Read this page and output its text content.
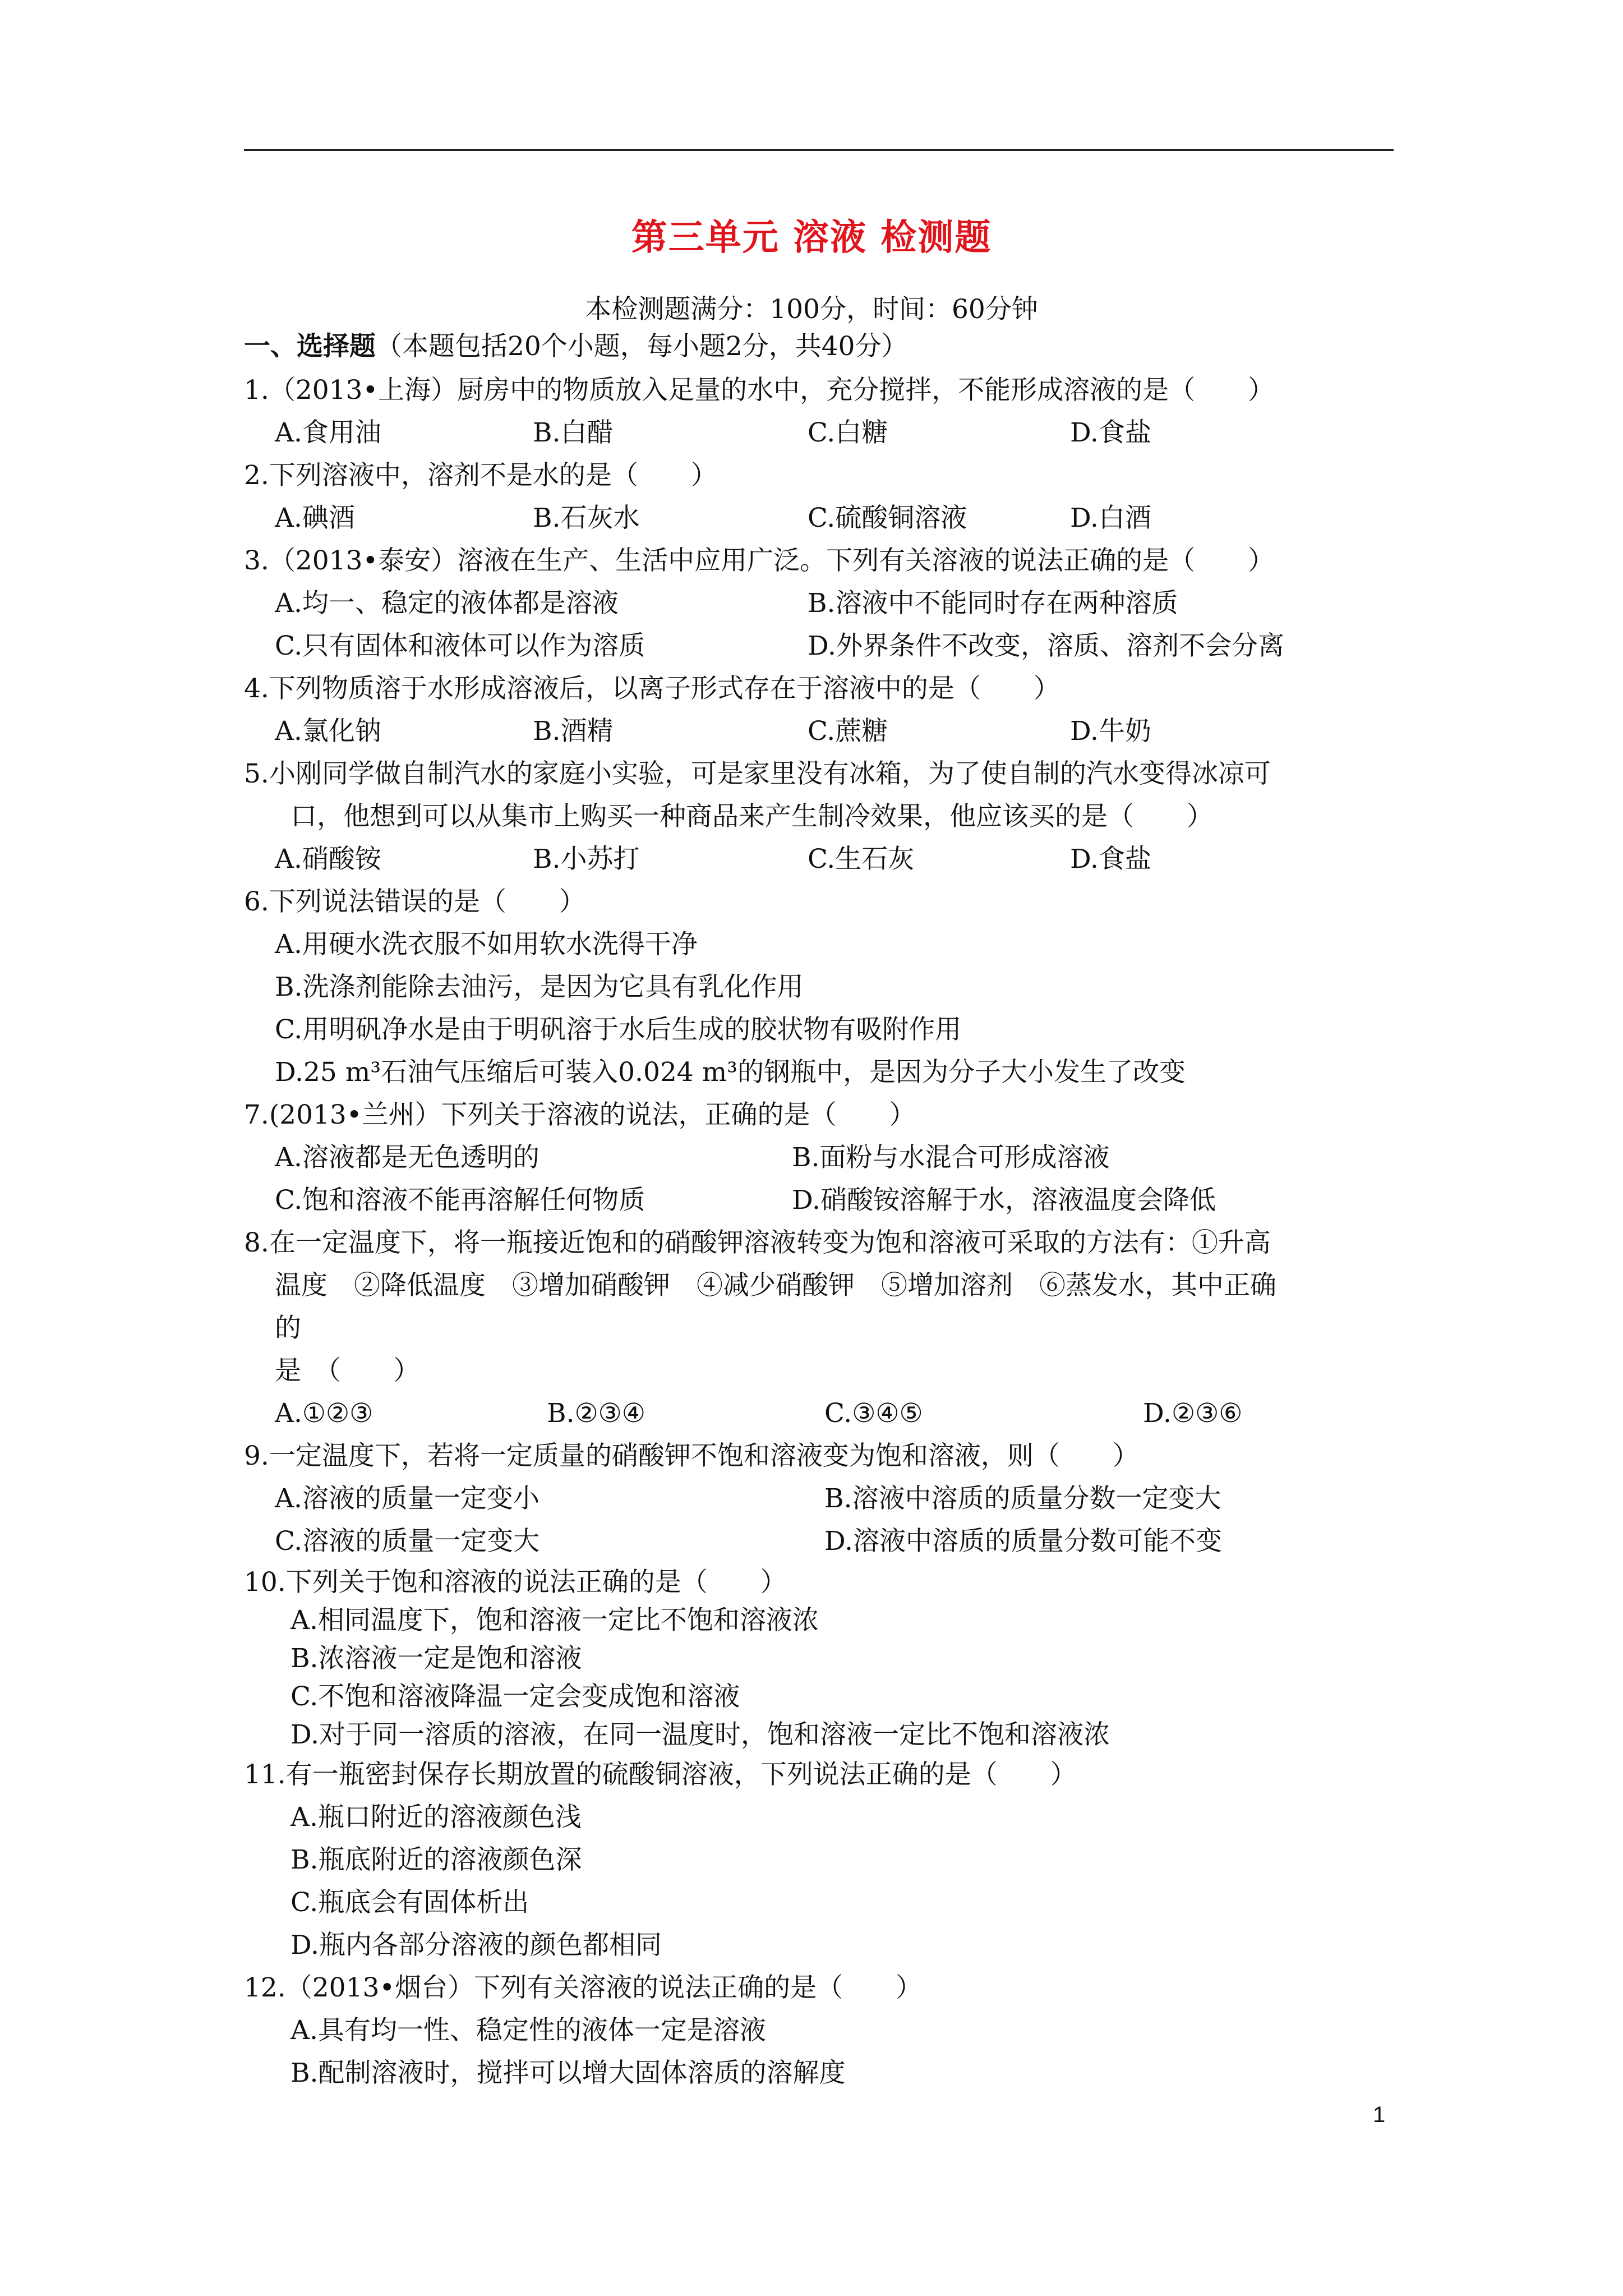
第三单元 溶液 检测题
本检测题满分：100分，时间：60分钟
一、选择题（本题包括20个小题，每小题2分，共40分）
1.（2013•上海）厨房中的物质放入足量的水中，充分搅拌，不能形成溶液的是（　　）
A.食用油	B.白醋	C.白糖	D.食盐
2.下列溶液中，溶剂不是水的是（　　）
A.碘酒	B.石灰水	C.硫酸铜溶液	D.白酒
3.（2013•泰安）溶液在生产、生活中应用广泛。下列有关溶液的说法正确的是（　　）
A.均一、稳定的液体都是溶液	B.溶液中不能同时存在两种溶质
C.只有固体和液体可以作为溶质	D.外界条件不改变，溶质、溶剂不会分离
4.下列物质溶于水形成溶液后，以离子形式存在于溶液中的是（　　）
A.氯化钠	B.酒精	C.蔗糖	D.牛奶
5.小刚同学做自制汽水的家庭小实验，可是家里没有冰箱，为了使自制的汽水变得冰凉可
口，他想到可以从集市上购买一种商品来产生制冷效果，他应该买的是（　　）
A.硝酸铵	B.小苏打	C.生石灰	D.食盐
6.下列说法错误的是（　　）
A.用硬水洗衣服不如用软水洗得干净
B.洗涤剂能除去油污，是因为它具有乳化作用
C.用明矾净水是由于明矾溶于水后生成的胶状物有吸附作用
D.25 m³石油气压缩后可装入0.024 m³的钢瓶中，是因为分子大小发生了改变
7.(2013•兰州）下列关于溶液的说法，正确的是（　　）
A.溶液都是无色透明的	B.面粉与水混合可形成溶液
C.饱和溶液不能再溶解任何物质	D.硝酸铵溶解于水，溶液温度会降低
8.在一定温度下，将一瓶接近饱和的硝酸钾溶液转变为饱和溶液可采取的方法有：①升高
温度　②降低温度　③增加硝酸钾　④减少硝酸钾　⑤增加溶剂　⑥蒸发水，其中正确
的
是　（　　）
A.①②③	B.②③④	C.③④⑤	D.②③⑥
9.一定温度下，若将一定质量的硝酸钾不饱和溶液变为饱和溶液，则（　　）
A.溶液的质量一定变小	B.溶液中溶质的质量分数一定变大
C.溶液的质量一定变大	D.溶液中溶质的质量分数可能不变
10.下列关于饱和溶液的说法正确的是（　　）
A.相同温度下，饱和溶液一定比不饱和溶液浓
B.浓溶液一定是饱和溶液
C.不饱和溶液降温一定会变成饱和溶液
D.对于同一溶质的溶液，在同一温度时，饱和溶液一定比不饱和溶液浓
11.有一瓶密封保存长期放置的硫酸铜溶液，下列说法正确的是（　　）
A.瓶口附近的溶液颜色浅
B.瓶底附近的溶液颜色深
C.瓶底会有固体析出
D.瓶内各部分溶液的颜色都相同
12.（2013•烟台）下列有关溶液的说法正确的是（　　）
A.具有均一性、稳定性的液体一定是溶液
B.配制溶液时，搅拌可以增大固体溶质的溶解度
1
